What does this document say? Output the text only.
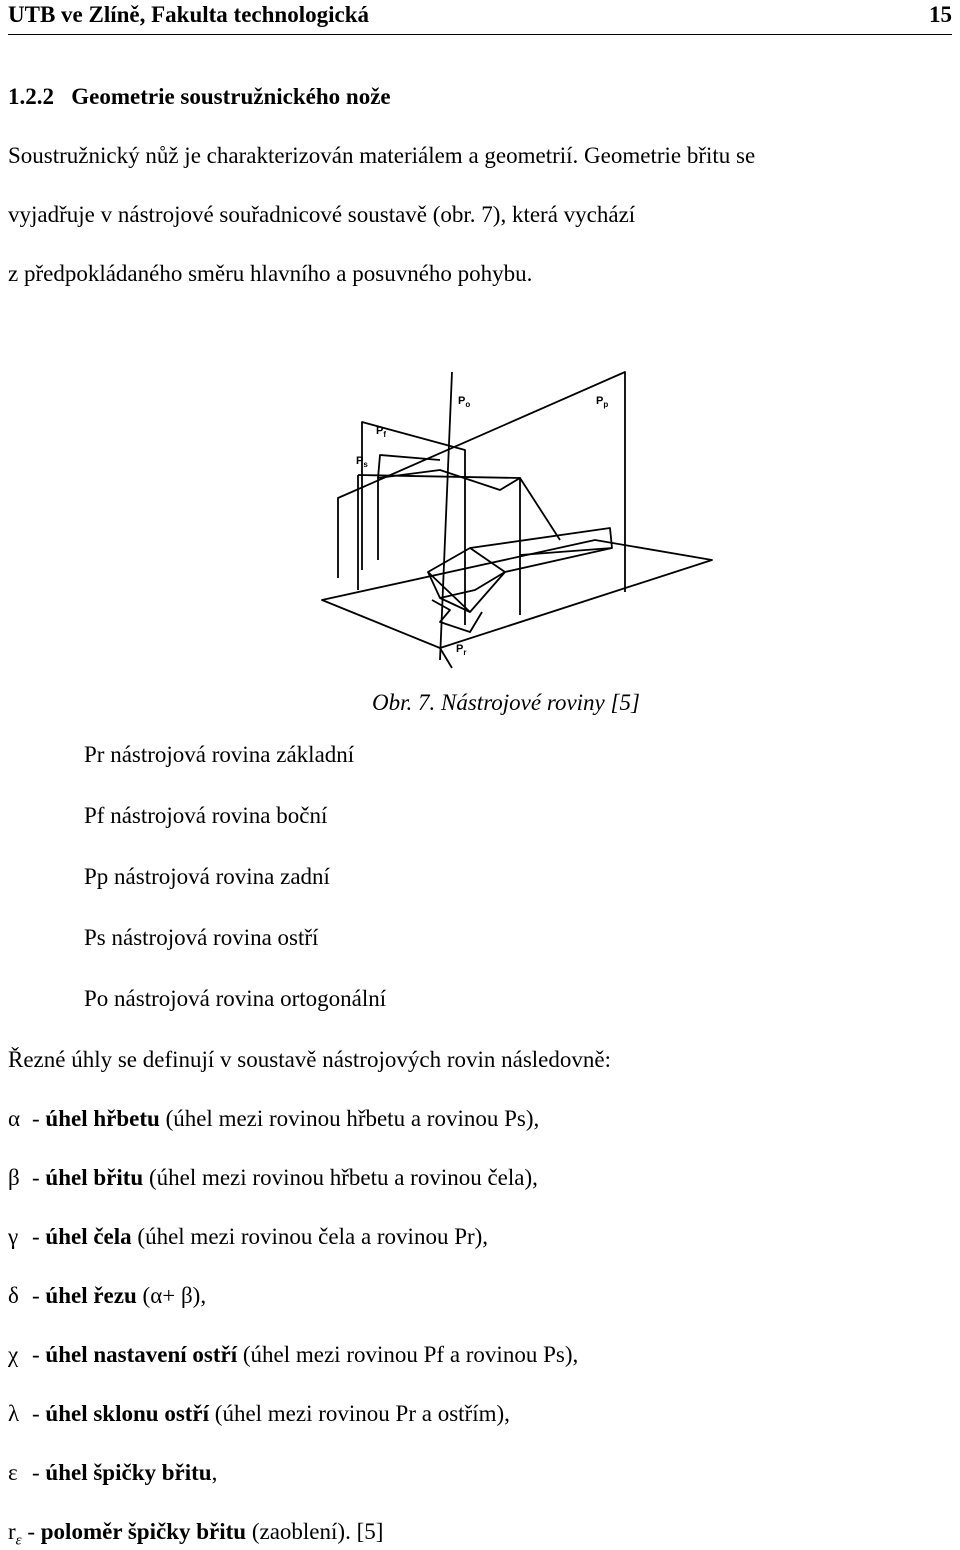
UTB ve Zlíně, Fakulta technologická	15
1.2.2   Geometrie soustružnického nože
Soustružnický nůž je charakterizován materiálem a geometrií. Geometrie břitu se
vyjadřuje v nástrojové souřadnicové soustavě (obr. 7), která vychází
z předpokládaného směru hlavního a posuvného pohybu.
$P_o$	$P_p$
$P_f$
$P_s$
$P_r$
Obr. 7. Nástrojové roviny [5]
Pr nástrojová rovina základní
Pf nástrojová rovina boční
Pp nástrojová rovina zadní
Ps nástrojová rovina ostří
Po nástrojová rovina ortogonální
Řezné úhly se definují v soustavě nástrojových rovin následovně:
α - úhel hřbetu (úhel mezi rovinou hřbetu a rovinou Ps),
β - úhel břitu (úhel mezi rovinou hřbetu a rovinou čela),
γ - úhel čela (úhel mezi rovinou čela a rovinou Pr),
δ - úhel řezu (α+ β),
χ - úhel nastavení ostří (úhel mezi rovinou Pf a rovinou Ps),
λ - úhel sklonu ostří (úhel mezi rovinou Pr a ostřím),
ε - úhel špičky břitu,
$r_\varepsilon$ - poloměr špičky břitu (zaoblení). [5]
